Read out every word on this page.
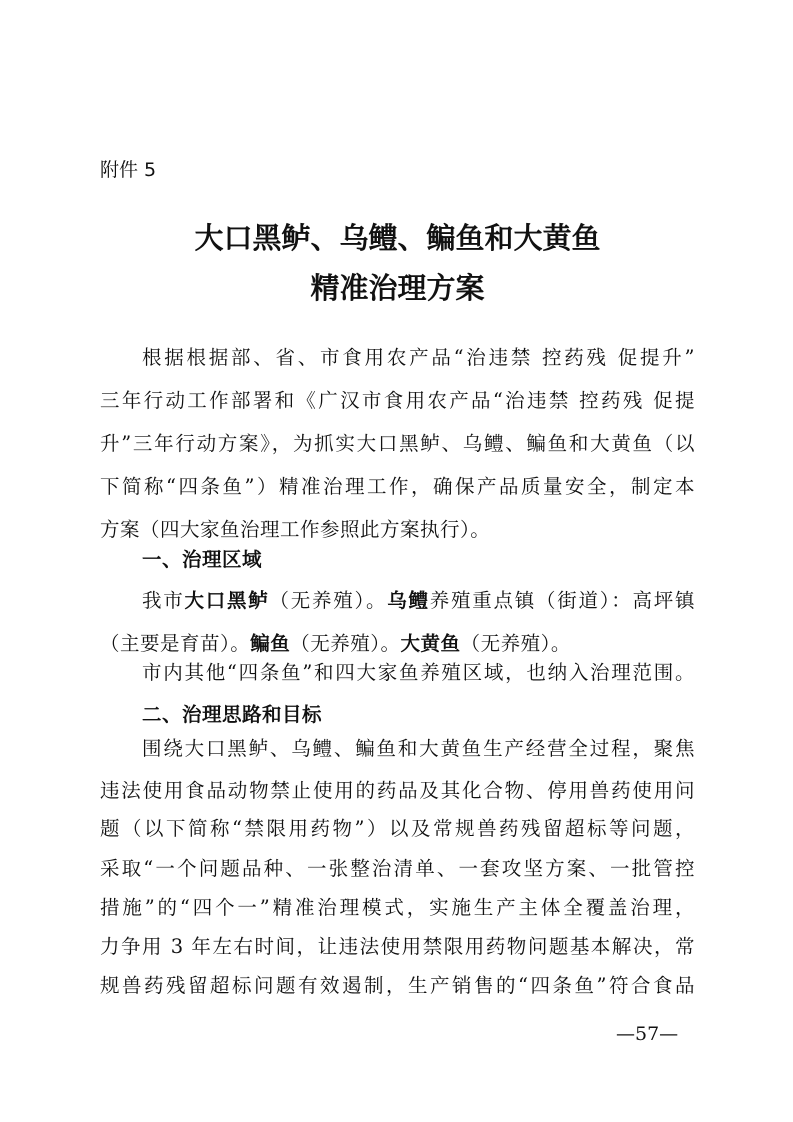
附件 5
大口黑鲈、乌鳢、鳊鱼和大黄鱼
精准治理方案
根据根据部、省、市食用农产品“治违禁 控药残 促提升”
三年行动工作部署和《广汉市食用农产品“治违禁 控药残 促提
升”三年行动方案》，为抓实大口黑鲈、乌鳢、鳊鱼和大黄鱼（以
下简称“四条鱼”）精准治理工作，确保产品质量安全，制定本
方案（四大家鱼治理工作参照此方案执行）。
一、治理区域
我市大口黑鲈（无养殖）。乌鳢养殖重点镇（街道）：高坪镇
（主要是育苗）。鳊鱼（无养殖）。大黄鱼（无养殖）。
市内其他“四条鱼”和四大家鱼养殖区域，也纳入治理范围。
二、治理思路和目标
围绕大口黑鲈、乌鳢、鳊鱼和大黄鱼生产经营全过程，聚焦
违法使用食品动物禁止使用的药品及其化合物、停用兽药使用问
题（以下简称“禁限用药物”）以及常规兽药残留超标等问题，
采取“一个问题品种、一张整治清单、一套攻坚方案、一批管控
措施”的“四个一”精准治理模式，实施生产主体全覆盖治理，
力争用 3 年左右时间，让违法使用禁限用药物问题基本解决，常
规兽药残留超标问题有效遏制，生产销售的“四条鱼”符合食品
—57—
